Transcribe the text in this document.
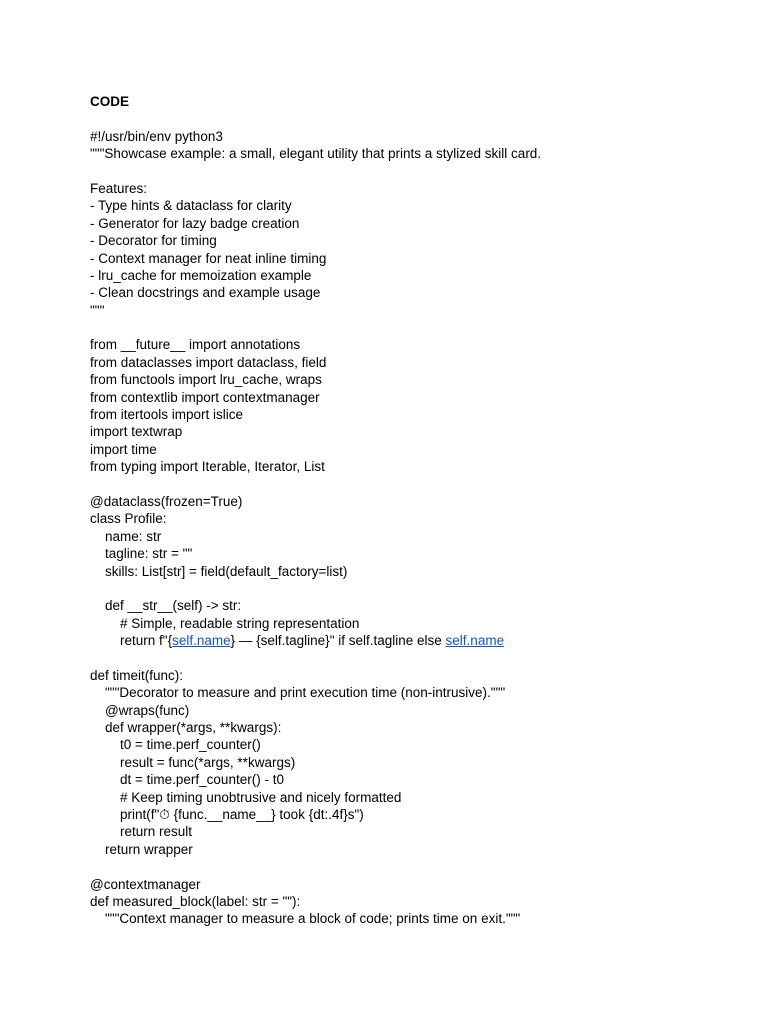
CODE
#!/usr/bin/env python3
"""Showcase example: a small, elegant utility that prints a stylized skill card.
Features:
- Type hints & dataclass for clarity
- Generator for lazy badge creation
- Decorator for timing
- Context manager for neat inline timing
- lru_cache for memoization example
- Clean docstrings and example usage
"""
from __future__ import annotations
from dataclasses import dataclass, field
from functools import lru_cache, wraps
from contextlib import contextmanager
from itertools import islice
import textwrap
import time
from typing import Iterable, Iterator, List
@dataclass(frozen=True)
class Profile:
name: str
tagline: str = ""
skills: List[str] = field(default_factory=list)
def __str__(self) -> str:
# Simple, readable string representation
return f"{self.name} — {self.tagline}" if self.tagline else self.name
def timeit(func):
"""Decorator to measure and print execution time (non-intrusive)."""
@wraps(func)
def wrapper(*args, **kwargs):
t0 = time.perf_counter()
result = func(*args, **kwargs)
dt = time.perf_counter() - t0
# Keep timing unobtrusive and nicely formatted
print(f"⏱ {func.__name__} took {dt:.4f}s")
return result
return wrapper
@contextmanager
def measured_block(label: str = ""):
"""Context manager to measure a block of code; prints time on exit."""
